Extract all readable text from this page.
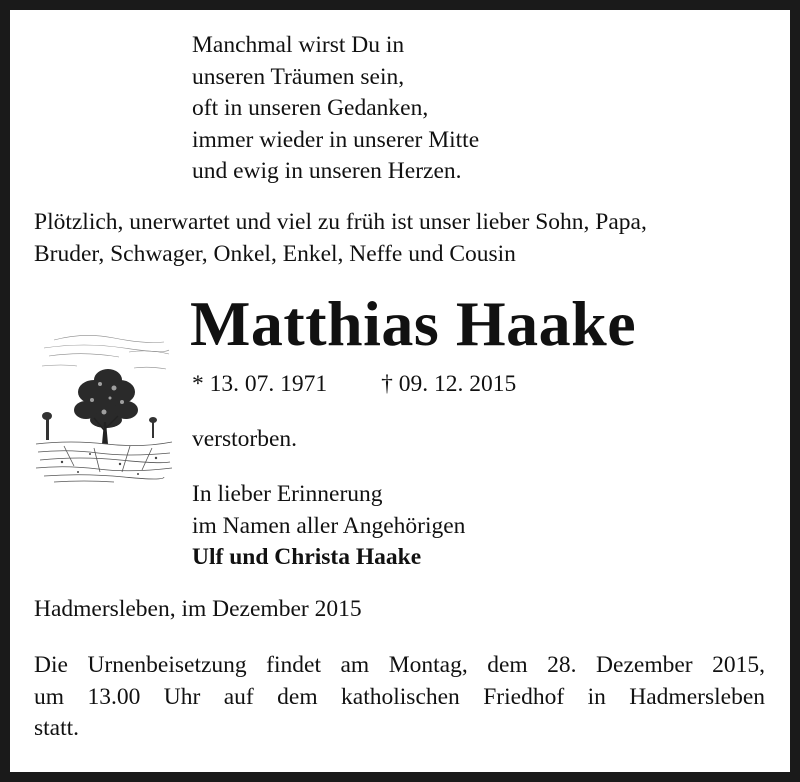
Manchmal wirst Du in
unseren Träumen sein,
oft in unseren Gedanken,
immer wieder in unserer Mitte
und ewig in unseren Herzen.
Plötzlich, unerwartet und viel zu früh ist unser lieber Sohn, Papa,
Bruder, Schwager, Onkel, Enkel, Neffe und Cousin
Matthias Haake
* 13. 07. 1971 † 09. 12. 2015
verstorben.
In lieber Erinnerung
im Namen aller Angehörigen
Ulf und Christa Haake
Hadmersleben, im Dezember 2015
Die Urnenbeisetzung findet am Montag, dem 28. Dezember 2015,
um 13.00 Uhr auf dem katholischen Friedhof in Hadmersleben
statt.
